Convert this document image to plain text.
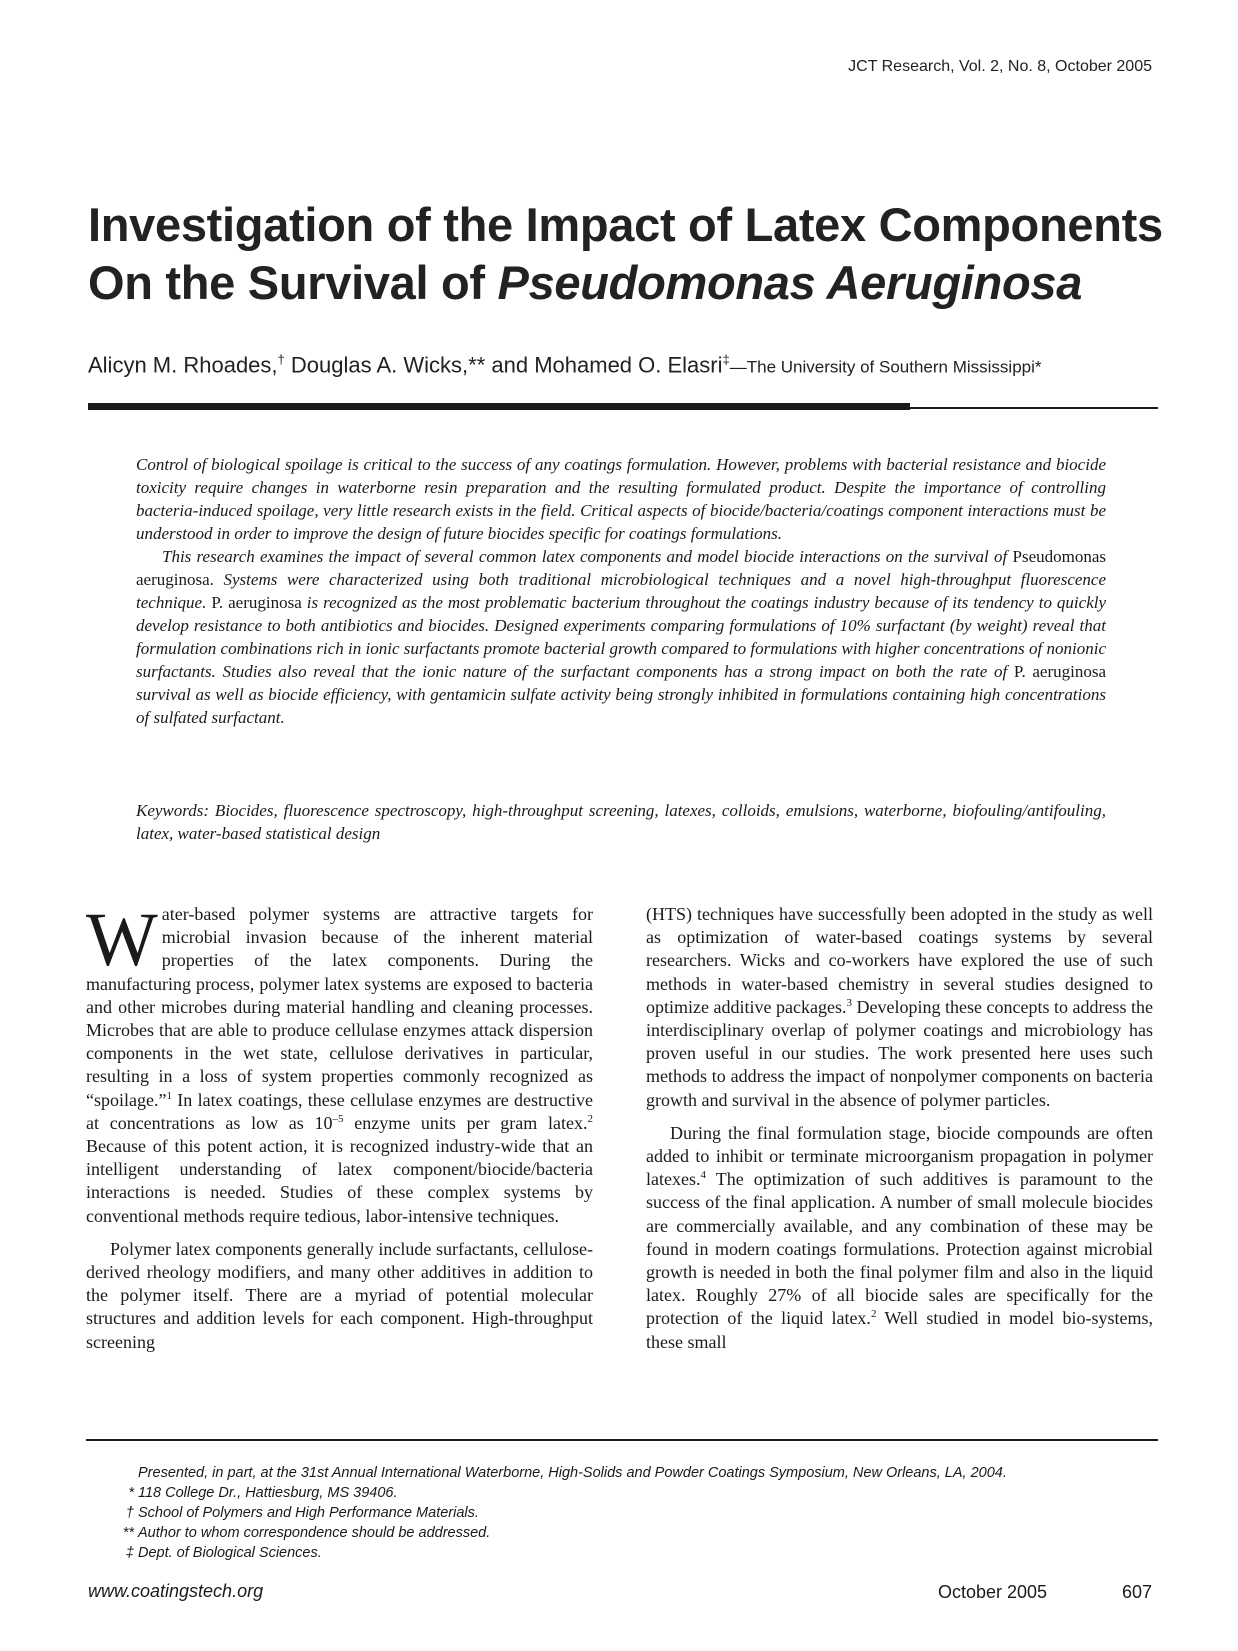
JCT Research, Vol. 2, No. 8, October 2005
Investigation of the Impact of Latex Components
On the Survival of Pseudomonas Aeruginosa
Alicyn M. Rhoades,† Douglas A. Wicks,** and Mohamed O. Elasri‡—The University of Southern Mississippi*

Control of biological spoilage is critical to the success of any coatings formulation. However, problems with bacterial resistance and biocide toxicity require changes in waterborne resin preparation and the resulting formulated product. Despite the importance of controlling bacteria-induced spoilage, very little research exists in the field. Critical aspects of biocide/bacteria/coatings component interactions must be understood in order to improve the design of future biocides specific for coatings formulations.

This research examines the impact of several common latex components and model biocide interactions on the survival of Pseudomonas aeruginosa. Systems were characterized using both traditional microbiological techniques and a novel high-throughput fluorescence technique. P. aeruginosa is recognized as the most problematic bacterium throughout the coatings industry because of its tendency to quickly develop resistance to both antibiotics and biocides. Designed experiments comparing formulations of 10% surfactant (by weight) reveal that formulation combinations rich in ionic surfactants promote bacterial growth compared to formulations with higher concentrations of nonionic surfactants. Studies also reveal that the ionic nature of the surfactant components has a strong impact on both the rate of P. aeruginosa survival as well as biocide efficiency, with gentamicin sulfate activity being strongly inhibited in formulations containing high concentrations of sulfated surfactant.

Keywords: Biocides, fluorescence spectroscopy, high-throughput screening, latexes, colloids, emulsions, waterborne, biofouling/antifouling, latex, water-based statistical design

Water-based polymer systems are attractive targets for microbial invasion because of the inherent material properties of the latex components. During the manufacturing process, polymer latex systems are exposed to bacteria and other microbes during material handling and cleaning processes. Microbes that are able to produce cellulase enzymes attack dispersion components in the wet state, cellulose derivatives in particular, resulting in a loss of system properties commonly recognized as “spoilage.”$^1$ In latex coatings, these cellulase enzymes are destructive at concentrations as low as $10^{-5}$ enzyme units per gram latex.$^2$ Because of this potent action, it is recognized industry-wide that an intelligent understanding of latex component/biocide/bacteria interactions is needed. Studies of these complex systems by conventional methods require tedious, labor-intensive techniques.

Polymer latex components generally include surfactants, cellulose-derived rheology modifiers, and many other additives in addition to the polymer itself. There are a myriad of potential molecular structures and addition levels for each component. High-throughput screening

(HTS) techniques have successfully been adopted in the study as well as optimization of water-based coatings systems by several researchers. Wicks and co-workers have explored the use of such methods in water-based chemistry in several studies designed to optimize additive packages.$^3$ Developing these concepts to address the interdisciplinary overlap of polymer coatings and microbiology has proven useful in our studies. The work presented here uses such methods to address the impact of nonpolymer components on bacteria growth and survival in the absence of polymer particles.

During the final formulation stage, biocide compounds are often added to inhibit or terminate microorganism propagation in polymer latexes.$^4$ The optimization of such additives is paramount to the success of the final application. A number of small molecule biocides are commercially available, and any combination of these may be found in modern coatings formulations. Protection against microbial growth is needed in both the final polymer film and also in the liquid latex. Roughly 27% of all biocide sales are specifically for the protection of the liquid latex.$^2$ Well studied in model bio-systems, these small

Presented, in part, at the 31st Annual International Waterborne, High-Solids and Powder Coatings Symposium, New Orleans, LA, 2004.
* 118 College Dr., Hattiesburg, MS 39406.
† School of Polymers and High Performance Materials.
** Author to whom correspondence should be addressed.
‡ Dept. of Biological Sciences.
www.coatingstech.org	October 2005	607
